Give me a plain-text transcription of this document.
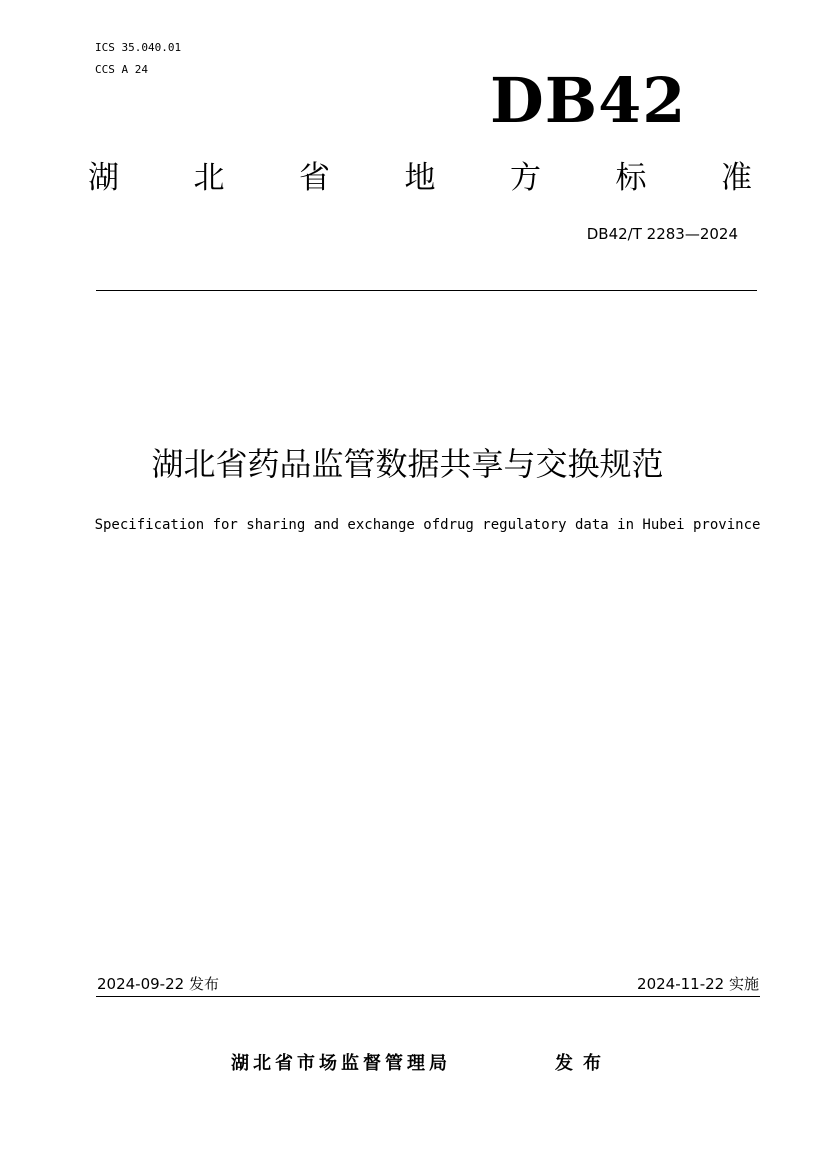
ICS 35.040.01
CCS A 24	DB42
湖 北 省 地 方 标 准
DB42/T 2283—2024
湖北省药品监管数据共享与交换规范
Specification for sharing and exchange ofdrug regulatory data in Hubei province
2024-09-22 发布	2024-11-22 实施
湖北省市场监督管理局	发布
